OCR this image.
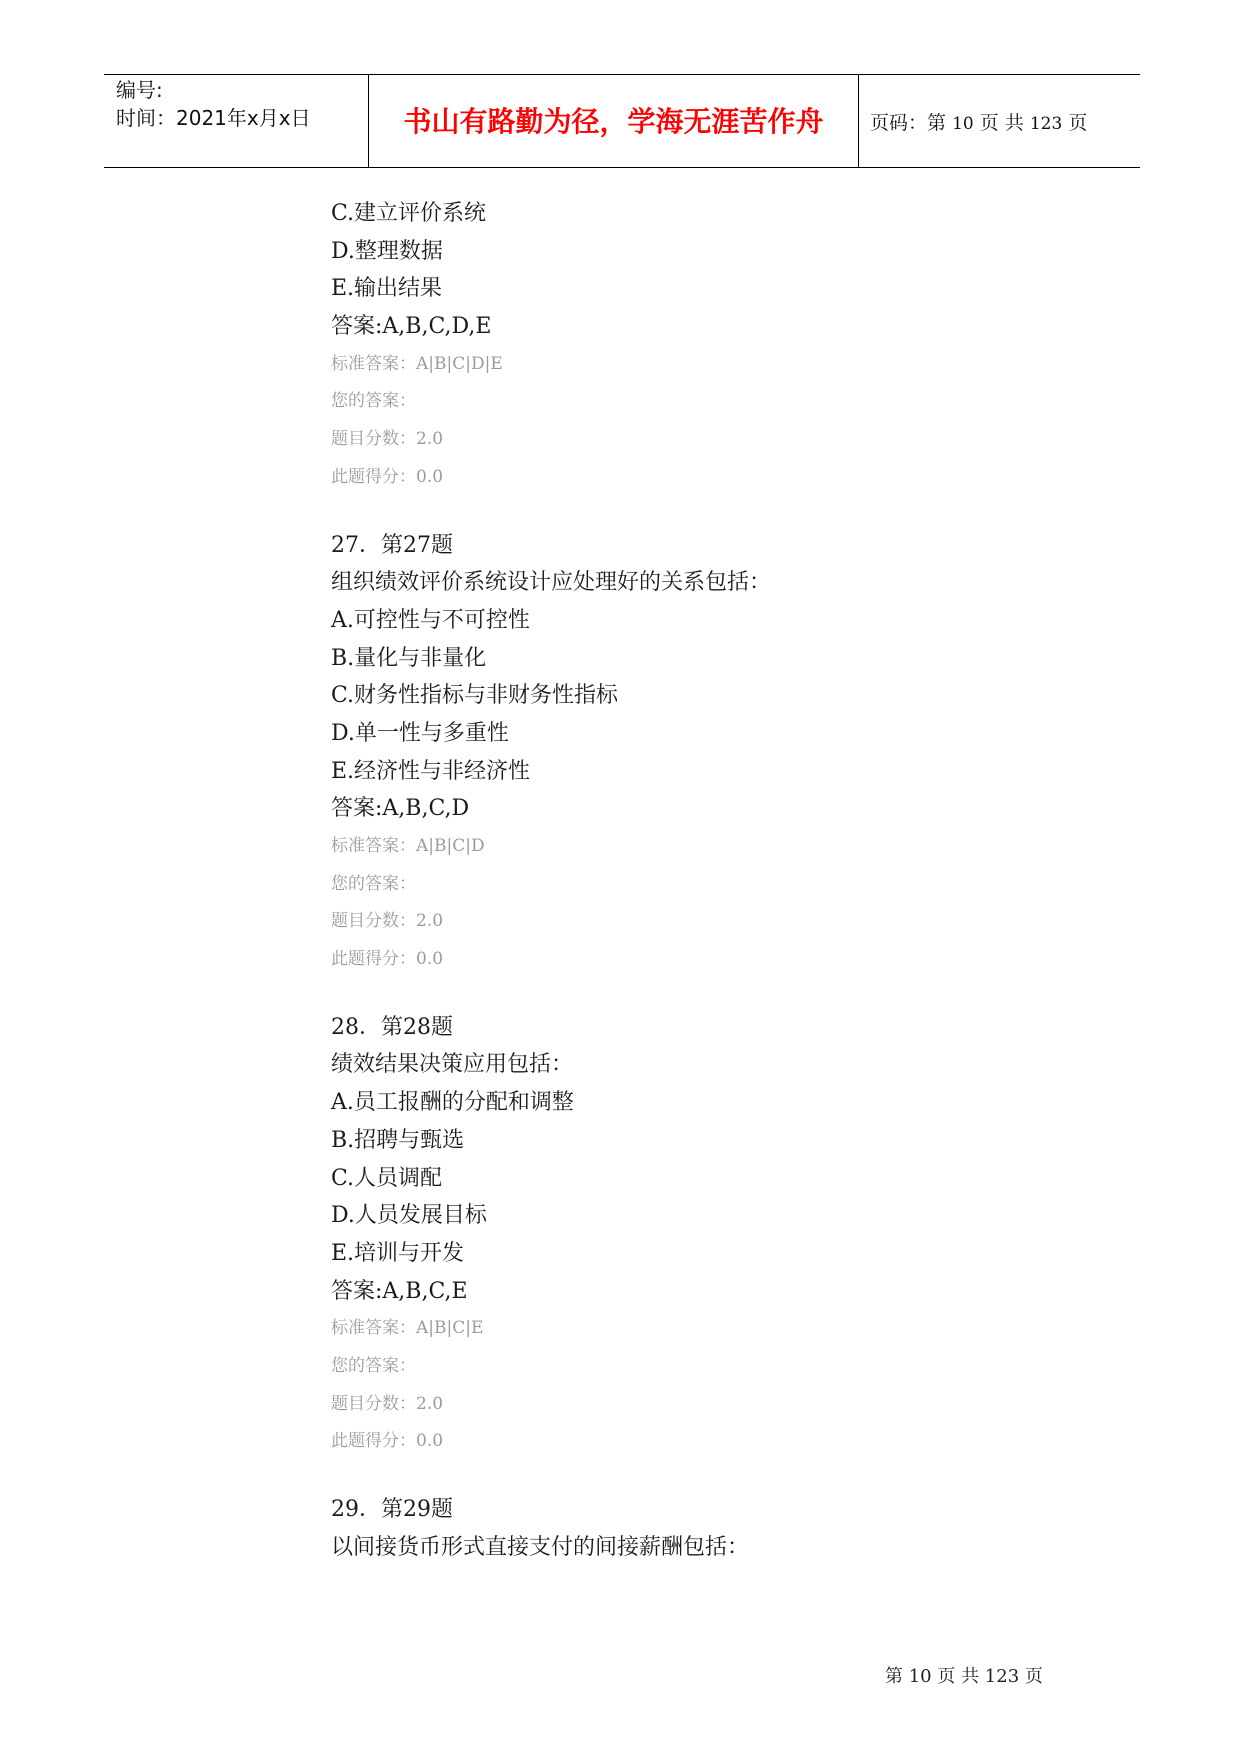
编号:
时间：2021年x月x日	书山有路勤为径，学海无涯苦作舟	页码：第 10 页 共 123 页
C.建立评价系统
D.整理数据
E.输出结果
答案:A,B,C,D,E
标准答案：A|B|C|D|E
您的答案：
题目分数：2.0
此题得分：0.0
27．第27题
组织绩效评价系统设计应处理好的关系包括：
A.可控性与不可控性
B.量化与非量化
C.财务性指标与非财务性指标
D.单一性与多重性
E.经济性与非经济性
答案:A,B,C,D
标准答案：A|B|C|D
您的答案：
题目分数：2.0
此题得分：0.0
28．第28题
绩效结果决策应用包括：
A.员工报酬的分配和调整
B.招聘与甄选
C.人员调配
D.人员发展目标
E.培训与开发
答案:A,B,C,E
标准答案：A|B|C|E
您的答案：
题目分数：2.0
此题得分：0.0
29．第29题
以间接货币形式直接支付的间接薪酬包括：
第 10 页 共 123 页
